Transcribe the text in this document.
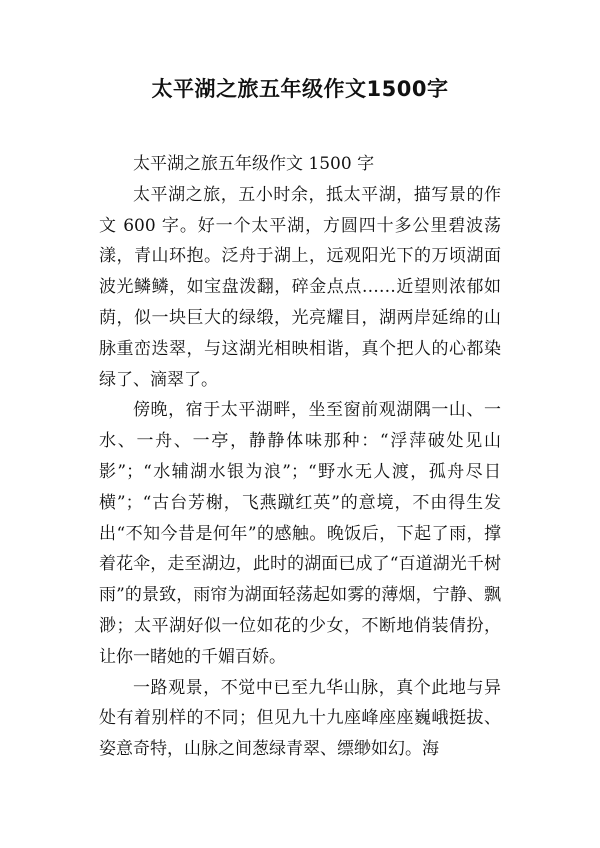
太平湖之旅五年级作文1500字

太平湖之旅五年级作文 1500 字

太平湖之旅，五小时余，抵太平湖，描写景的作文 600 字。好一个太平湖，方圆四十多公里碧波荡漾，青山环抱。泛舟于湖上，远观阳光下的万顷湖面波光鳞鳞，如宝盘泼翻，碎金点点……近望则浓郁如荫，似一块巨大的绿缎，光亮耀目，湖两岸延绵的山脉重峦迭翠，与这湖光相映相谐，真个把人的心都染绿了、滴翠了。

傍晚，宿于太平湖畔，坐至窗前观湖隅一山、一水、一舟、一亭，静静体味那种：“浮萍破处见山影”；“水辅湖水银为浪”；“野水无人渡，孤舟尽日横”；“古台芳榭，飞燕蹴红英”的意境，不由得生发出“不知今昔是何年”的感触。晚饭后，下起了雨，撑着花伞，走至湖边，此时的湖面已成了“百道湖光千树雨”的景致，雨帘为湖面轻荡起如雾的薄烟，宁静、飘渺；太平湖好似一位如花的少女，不断地俏装倩扮，让你一睹她的千媚百娇。

一路观景，不觉中已至九华山脉，真个此地与异处有着别样的不同；但见九十九座峰座座巍峨挺拔、姿意奇特，山脉之间葱绿青翠、缥缈如幻。海
